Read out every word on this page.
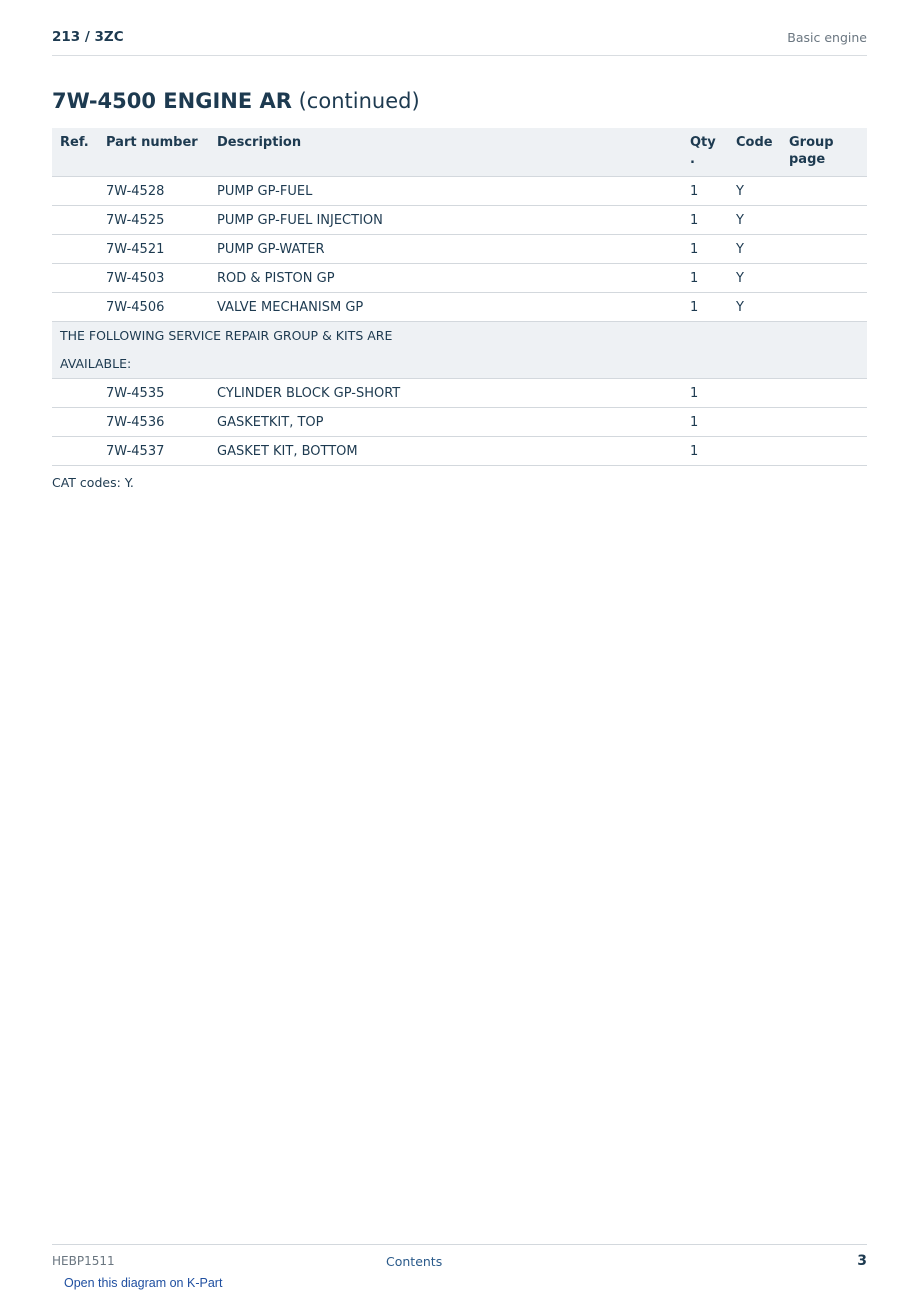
213 / 3ZC	Basic engine
7W-4500 ENGINE AR (continued)
Ref.	Part number	Description	Qty .	Code	Group page
	7W-4528	PUMP GP-FUEL	1	Y	
	7W-4525	PUMP GP-FUEL INJECTION	1	Y	
	7W-4521	PUMP GP-WATER	1	Y	
	7W-4503	ROD & PISTON GP	1	Y	
	7W-4506	VALVE MECHANISM GP	1	Y	
THE FOLLOWING SERVICE REPAIR GROUP & KITS ARE AVAILABLE:					
	7W-4535	CYLINDER BLOCK GP-SHORT	1		
	7W-4536	GASKETKIT, TOP	1		
	7W-4537	GASKET KIT, BOTTOM	1		
CAT codes: Y.
HEBP1511	Contents	3
Open this diagram on K-Part
